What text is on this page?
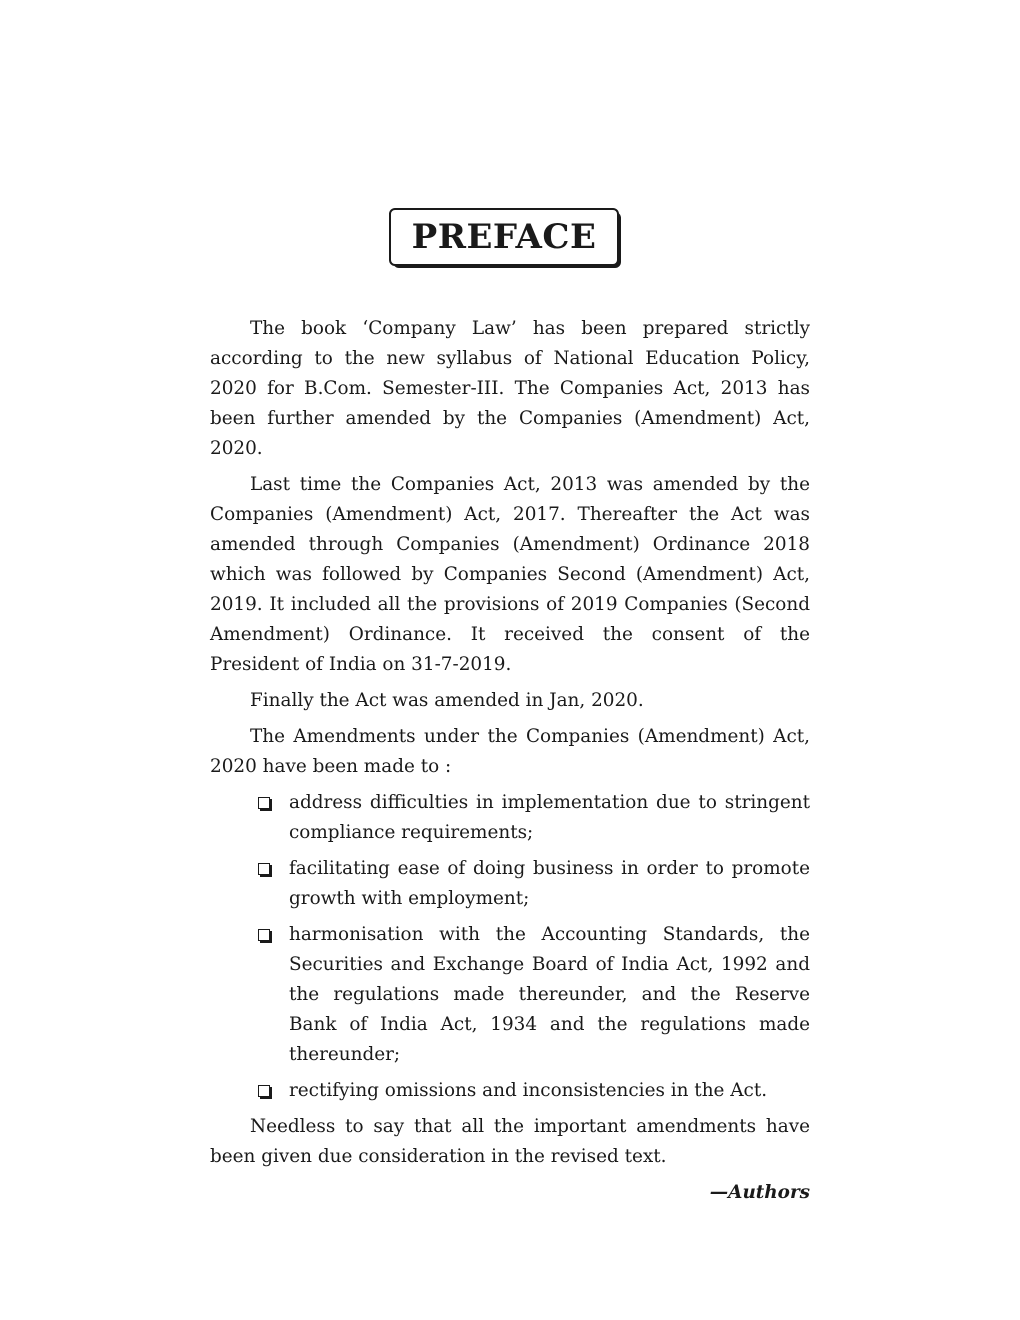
PREFACE

The book ‘Company Law’ has been prepared strictly according to the new syllabus of National Education Policy, 2020 for B.Com. Semester-III. The Companies Act, 2013 has been further amended by the Companies (Amendment) Act, 2020.

Last time the Companies Act, 2013 was amended by the Companies (Amendment) Act, 2017. Thereafter the Act was amended through Companies (Amendment) Ordinance 2018 which was followed by Companies Second (Amendment) Act, 2019. It included all the provisions of 2019 Companies (Second Amendment) Ordinance. It received the consent of the President of India on 31-7-2019.

Finally the Act was amended in Jan, 2020.

The Amendments under the Companies (Amendment) Act, 2020 have been made to :

address difficulties in implementation due to stringent compliance requirements;
facilitating ease of doing business in order to promote growth with employment;
harmonisation with the Accounting Standards, the Securities and Exchange Board of India Act, 1992 and the regulations made thereunder, and the Reserve Bank of India Act, 1934 and the regulations made thereunder;
rectifying omissions and inconsistencies in the Act.

Needless to say that all the important amendments have been given due consideration in the revised text.

—Authors
